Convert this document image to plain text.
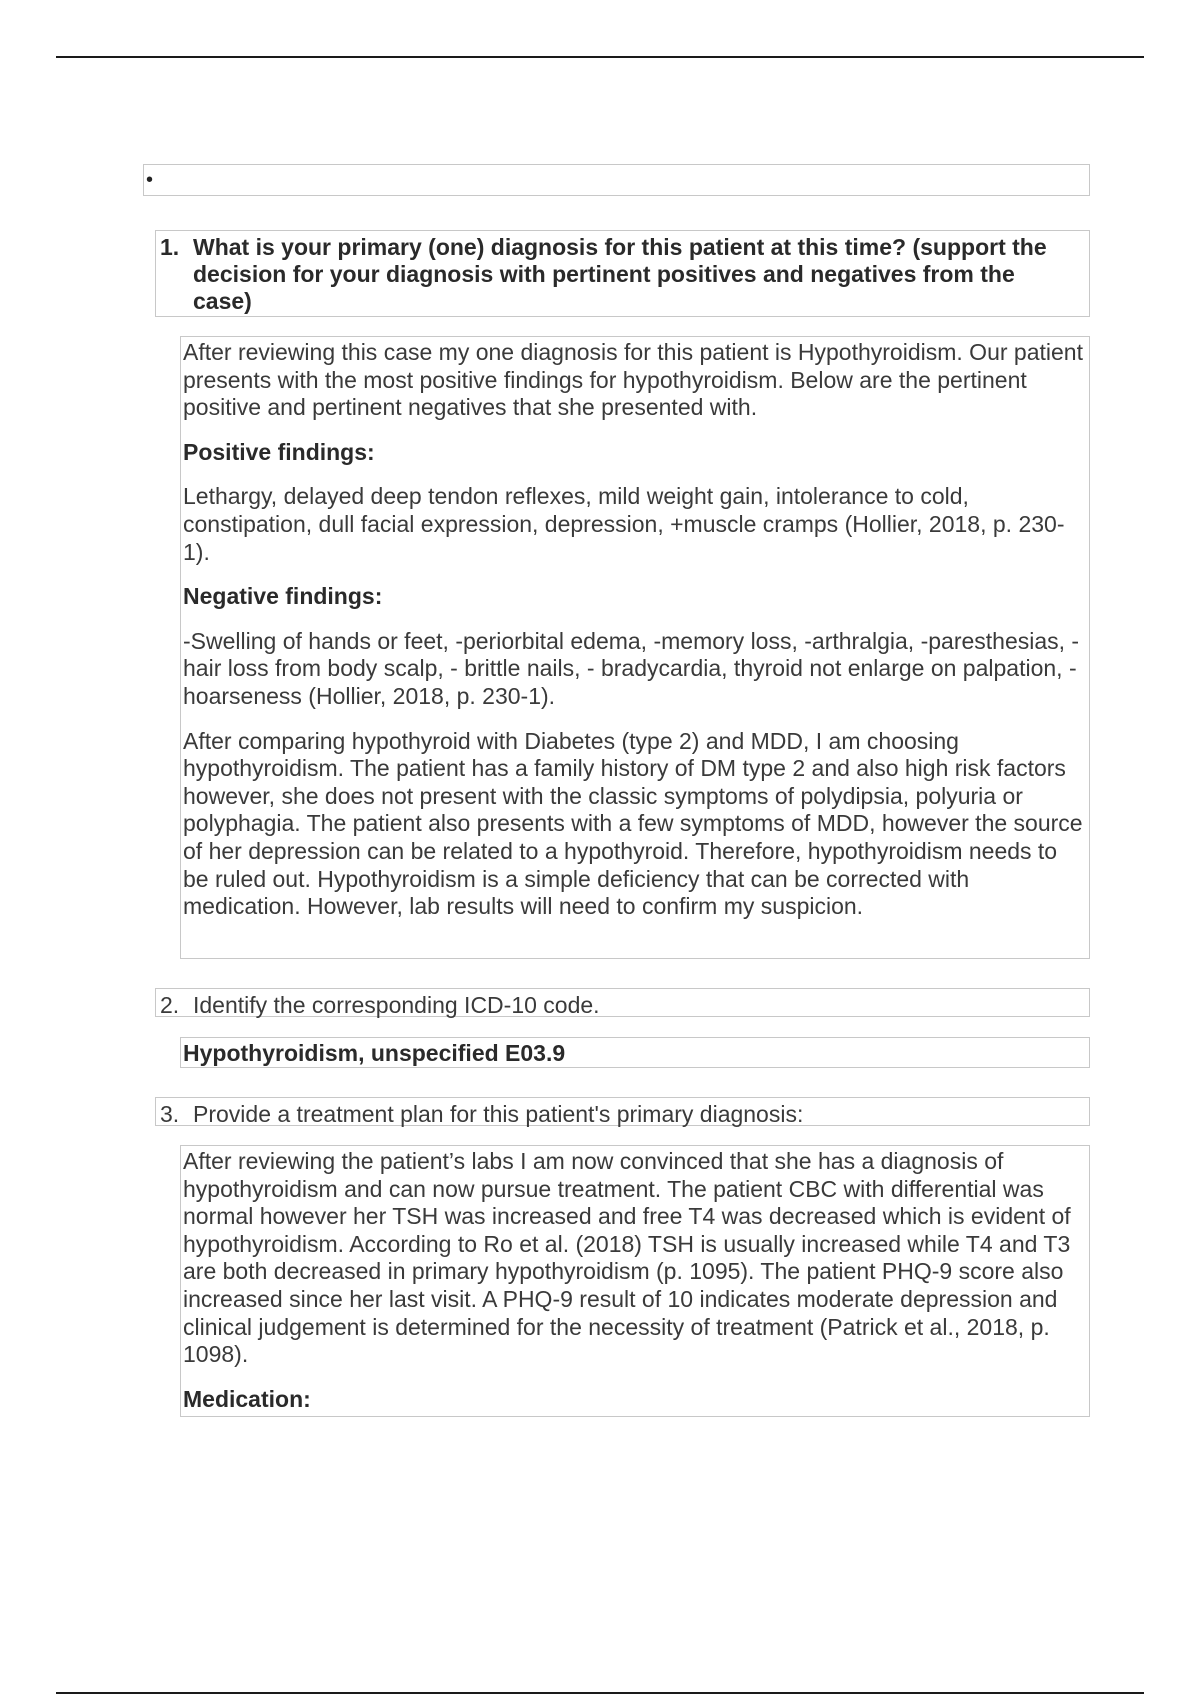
•
1. What is your primary (one) diagnosis for this patient at this time? (support the decision for your diagnosis with pertinent positives and negatives from the case)

After reviewing this case my one diagnosis for this patient is Hypothyroidism. Our patient presents with the most positive findings for hypothyroidism. Below are the pertinent positive and pertinent negatives that she presented with.

Positive findings:

Lethargy, delayed deep tendon reflexes, mild weight gain, intolerance to cold, constipation, dull facial expression, depression, +muscle cramps (Hollier, 2018, p. 230-1).

Negative findings:

-Swelling of hands or feet, -periorbital edema, -memory loss, -arthralgia, -paresthesias, - hair loss from body scalp, - brittle nails, - bradycardia, thyroid not enlarge on palpation, - hoarseness (Hollier, 2018, p. 230-1).

After comparing hypothyroid with Diabetes (type 2) and MDD, I am choosing hypothyroidism. The patient has a family history of DM type 2 and also high risk factors however, she does not present with the classic symptoms of polydipsia, polyuria or polyphagia. The patient also presents with a few symptoms of MDD, however the source of her depression can be related to a hypothyroid. Therefore, hypothyroidism needs to be ruled out. Hypothyroidism is a simple deficiency that can be corrected with medication. However, lab results will need to confirm my suspicion.

2. Identify the corresponding ICD-10 code.

Hypothyroidism, unspecified E03.9

3. Provide a treatment plan for this patient's primary diagnosis:

After reviewing the patient’s labs I am now convinced that she has a diagnosis of hypothyroidism and can now pursue treatment. The patient CBC with differential was normal however her TSH was increased and free T4 was decreased which is evident of hypothyroidism. According to Ro et al. (2018) TSH is usually increased while T4 and T3 are both decreased in primary hypothyroidism (p. 1095). The patient PHQ-9 score also increased since her last visit. A PHQ-9 result of 10 indicates moderate depression and clinical judgement is determined for the necessity of treatment (Patrick et al., 2018, p. 1098).

Medication:
